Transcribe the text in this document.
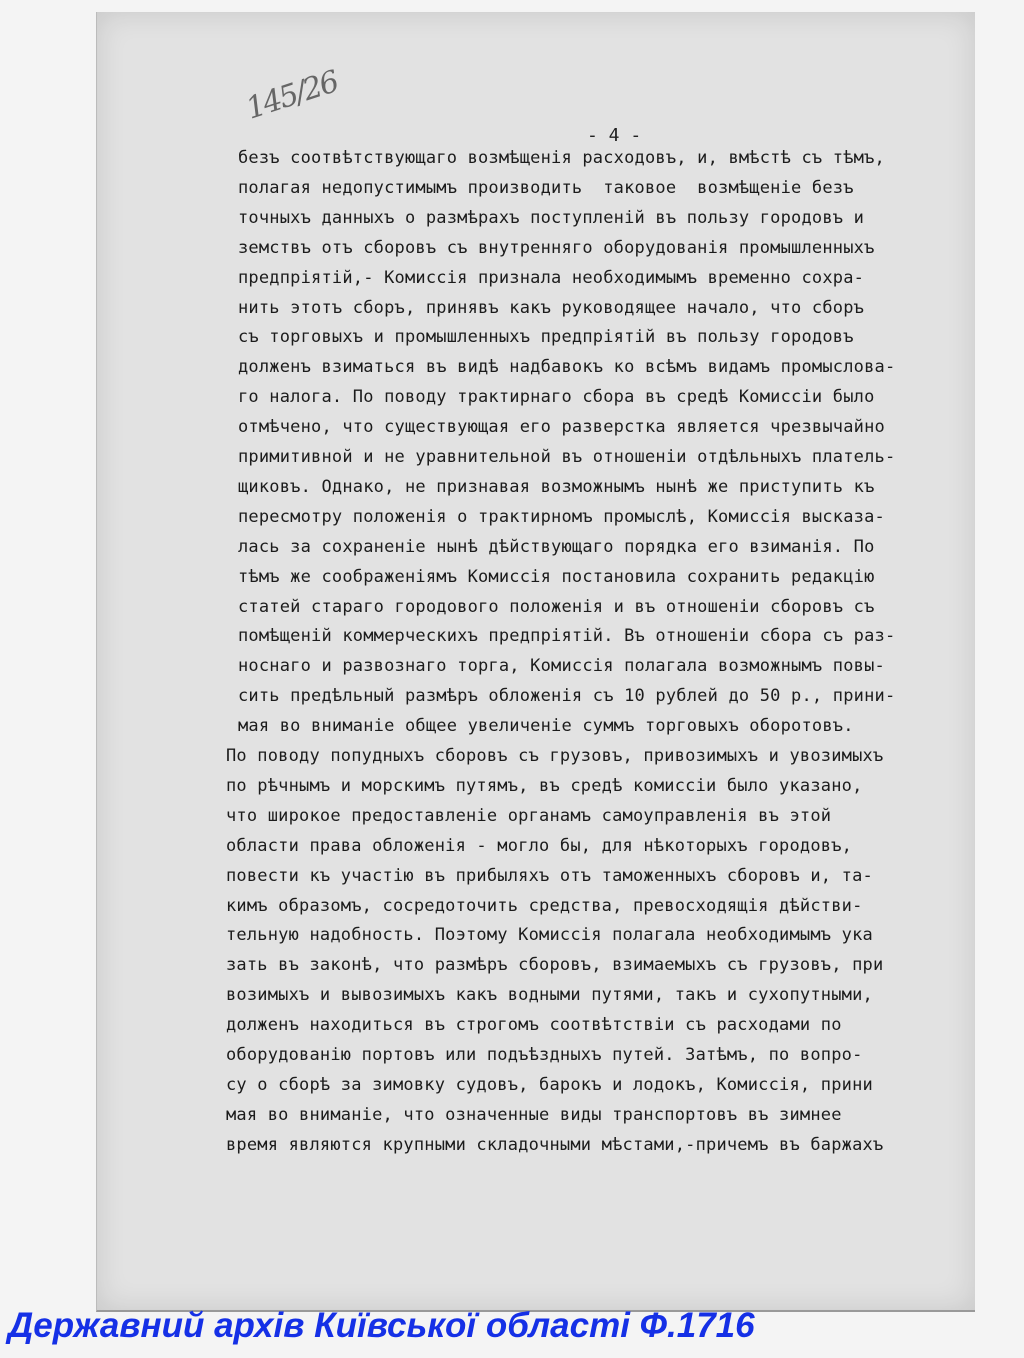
145/26
- 4 -
безъ соотвѣтствующаго возмѣщенія расходовъ, и, вмѣстѣ съ тѣмъ,
полагая недопустимымъ производить  таковое  возмѣщеніе безъ
точныхъ данныхъ о размѣрахъ поступленій въ пользу городовъ и
земствъ отъ сборовъ съ внутренняго оборудованія промышленныхъ
предпріятій,- Комиссія признала необходимымъ временно сохра-
нить этотъ сборъ, принявъ какъ руководящее начало, что сборъ
съ торговыхъ и промышленныхъ предпріятій въ пользу городовъ
долженъ взиматься въ видѣ надбавокъ ко всѣмъ видамъ промыслова-
го налога. По поводу трактирнаго сбора въ средѣ Комиссіи было
отмѣчено, что существующая его разверстка является чрезвычайно
примитивной и не уравнительной въ отношеніи отдѣльныхъ платель-
щиковъ. Однако, не признавая возможнымъ нынѣ же приступить къ
пересмотру положенія о трактирномъ промыслѣ, Комиссія высказа-
лась за сохраненіе нынѣ дѣйствующаго порядка его взиманія. По
тѣмъ же соображеніямъ Комиссія постановила сохранить редакцію
статей стараго городового положенія и въ отношеніи сборовъ съ
помѣщеній коммерческихъ предпріятій. Въ отношеніи сбора съ раз-
носнаго и развознаго торга, Комиссія полагала возможнымъ повы-
сить предѣльный размѣръ обложенія съ 10 рублей до 50 р., прини-
мая во вниманіе общее увеличеніе суммъ торговыхъ оборотовъ.
По поводу попудныхъ сборовъ съ грузовъ, привозимыхъ и увозимыхъ
по рѣчнымъ и морскимъ путямъ, въ средѣ комиссіи было указано,
что широкое предоставленіе органамъ самоуправленія въ этой
области права обложенія - могло бы, для нѣкоторыхъ городовъ,
повести къ участію въ прибыляхъ отъ таможенныхъ сборовъ и, та-
кимъ образомъ, сосредоточить средства, превосходящія дѣйстви-
тельную надобность. Поэтому Комиссія полагала необходимымъ ука
зать въ законѣ, что размѣръ сборовъ, взимаемыхъ съ грузовъ, при
возимыхъ и вывозимыхъ какъ водными путями, такъ и сухопутными,
долженъ находиться въ строгомъ соотвѣтствіи съ расходами по
оборудованію портовъ или подъѣздныхъ путей. Затѣмъ, по вопро-
су о сборѣ за зимовку судовъ, барокъ и лодокъ, Комиссія, прини
мая во вниманіе, что означенные виды транспортовъ въ зимнее
время являются крупными складочными мѣстами,-причемъ въ баржахъ
Державний архів Київської області Ф.1716
